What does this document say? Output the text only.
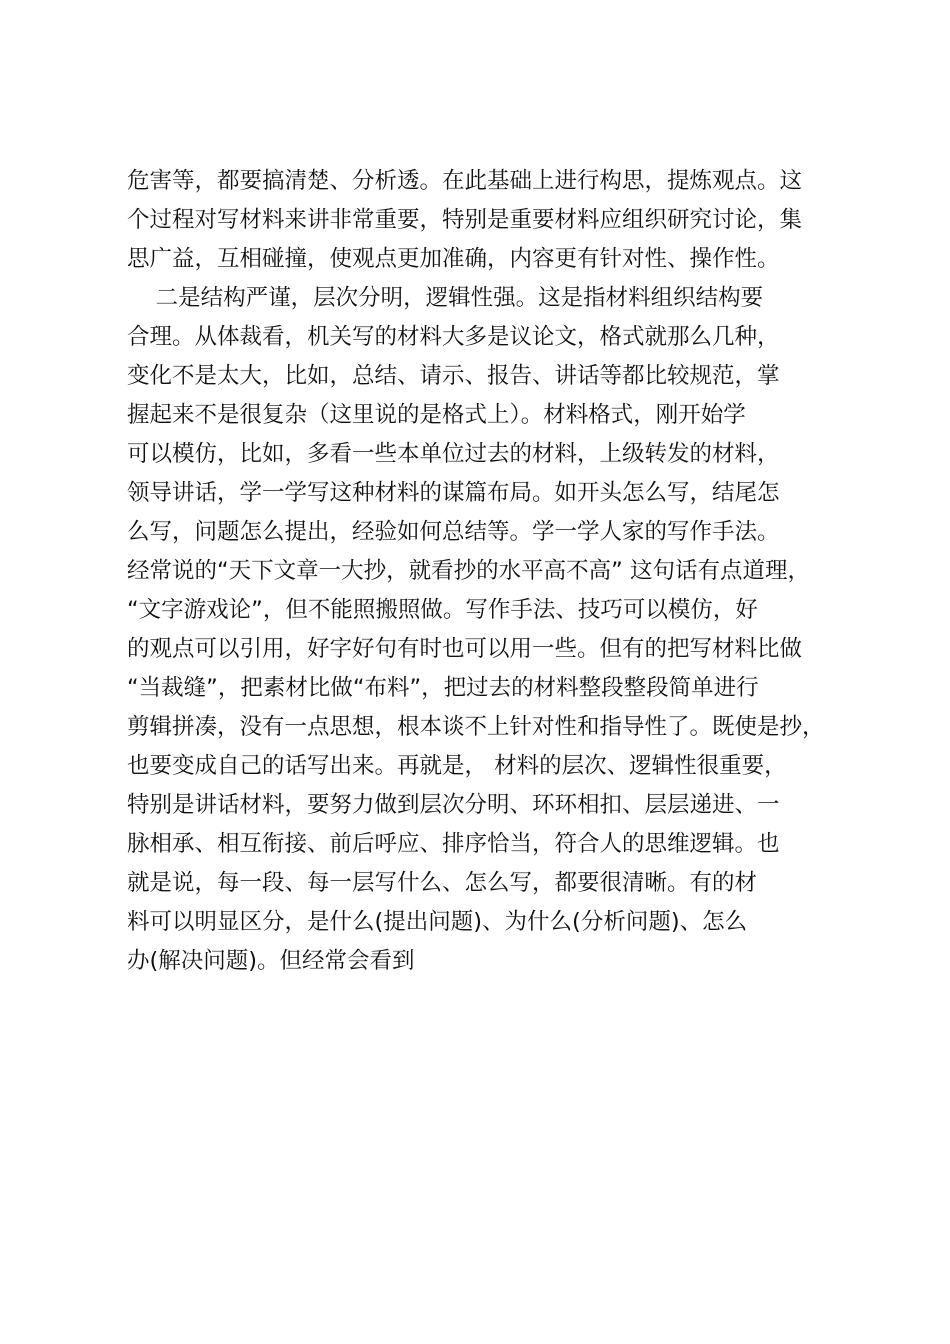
危害等，都要搞清楚、分析透。在此基础上进行构思，提炼观点。这
个过程对写材料来讲非常重要，特别是重要材料应组织研究讨论，集
思广益，互相碰撞，使观点更加准确，内容更有针对性、操作性。
二是结构严谨，层次分明，逻辑性强。这是指材料组织结构要
合理。从体裁看，机关写的材料大多是议论文，格式就那么几种，
变化不是太大，比如，总结、请示、报告、讲话等都比较规范，掌
握起来不是很复杂（这里说的是格式上）。材料格式，刚开始学
可以模仿，比如，多看一些本单位过去的材料，上级转发的材料，
领导讲话，学一学写这种材料的谋篇布局。如开头怎么写，结尾怎
么写，问题怎么提出，经验如何总结等。学一学人家的写作手法。
经常说的“天下文章一大抄，就看抄的水平高不高” 这句话有点道理，
“文字游戏论”，但不能照搬照做。写作手法、技巧可以模仿，好
的观点可以引用，好字好句有时也可以用一些。但有的把写材料比做
“当裁缝”，把素材比做“布料”，把过去的材料整段整段简单进行
剪辑拼凑，没有一点思想，根本谈不上针对性和指导性了。既使是抄，
也要变成自己的话写出来。再就是， 材料的层次、逻辑性很重要，
特别是讲话材料，要努力做到层次分明、环环相扣、层层递进、一
脉相承、相互衔接、前后呼应、排序恰当，符合人的思维逻辑。也
就是说，每一段、每一层写什么、怎么写，都要很清晰。有的材
料可以明显区分，是什么(提出问题)、为什么(分析问题)、怎么
办(解决问题)。但经常会看到
